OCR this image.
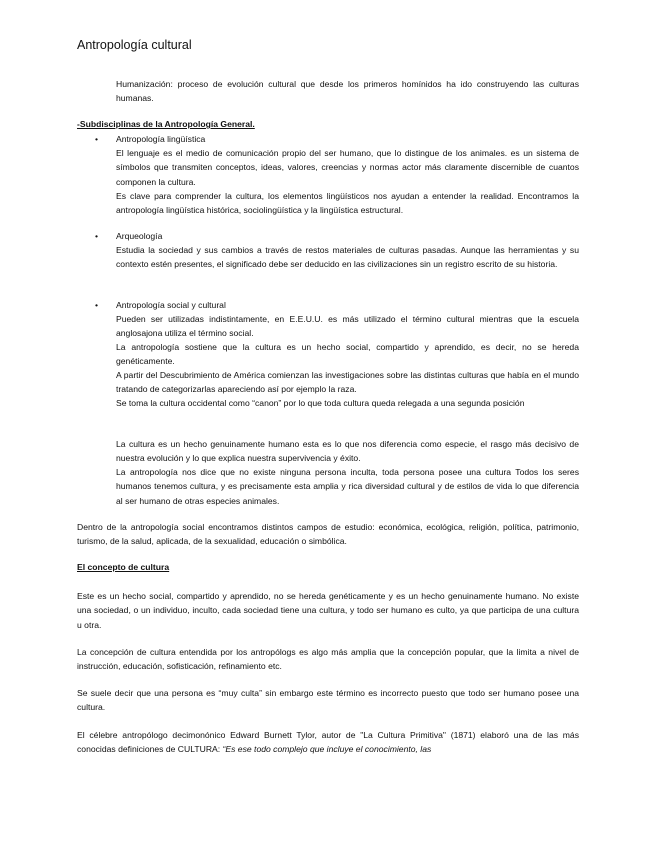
Antropología cultural

Humanización: proceso de evolución cultural que desde los primeros homínidos ha ido construyendo las culturas humanas.

-Subdisciplinas de la Antropología General.

• Antropología lingüística

El lenguaje es el medio de comunicación propio del ser humano, que lo distingue de los animales. es un sistema de símbolos que transmiten conceptos, ideas, valores, creencias y normas actor más claramente discernible de cuantos componen la cultura.

Es clave para comprender la cultura, los elementos lingüísticos nos ayudan a entender la realidad. Encontramos la antropología lingüística histórica, sociolingüística y la lingüística estructural.

• Arqueología

Estudia la sociedad y sus cambios a través de restos materiales de culturas pasadas. Aunque las herramientas y su contexto estén presentes, el significado debe ser deducido en las civilizaciones sin un registro escrito de su historia.

• Antropología social y cultural

Pueden ser utilizadas indistintamente, en E.E.U.U. es más utilizado el término cultural mientras que la escuela anglosajona utiliza el término social.

La antropología sostiene que la cultura es un hecho social, compartido y aprendido, es decir, no se hereda genéticamente.

A partir del Descubrimiento de América comienzan las investigaciones sobre las distintas culturas que había en el mundo tratando de categorizarlas apareciendo así por ejemplo la raza.

Se toma la cultura occidental como “canon” por lo que toda cultura queda relegada a una segunda posición

La cultura es un hecho genuinamente humano esta es lo que nos diferencia como especie, el rasgo más decisivo de nuestra evolución y lo que explica nuestra supervivencia y éxito.

La antropología nos dice que no existe ninguna persona inculta, toda persona posee una cultura Todos los seres humanos tenemos cultura, y es precisamente esta amplia y rica diversidad cultural y de estilos de vida lo que diferencia al ser humano de otras especies animales.

Dentro de la antropología social encontramos distintos campos de estudio: económica, ecológica, religión, política, patrimonio, turismo, de la salud, aplicada, de la sexualidad, educación o simbólica.

El concepto de cultura

Este es un hecho social, compartido y aprendido, no se hereda genéticamente y es un hecho genuinamente humano. No existe una sociedad, o un individuo, inculto, cada sociedad tiene una cultura, y todo ser humano es culto, ya que participa de una cultura u otra.

La concepción de cultura entendida por los antropólogs es algo más amplia que la concepción popular, que la limita a nivel de instrucción, educación, sofisticación, refinamiento etc.

Se suele decir que una persona es “muy culta” sin embargo este término es incorrecto puesto que todo ser humano posee una cultura.

El célebre antropólogo decimonónico Edward Burnett Tylor, autor de "La Cultura Primitiva" (1871) elaboró una de las más conocidas definiciones de CULTURA: “Es ese todo complejo que incluye el conocimiento, las
